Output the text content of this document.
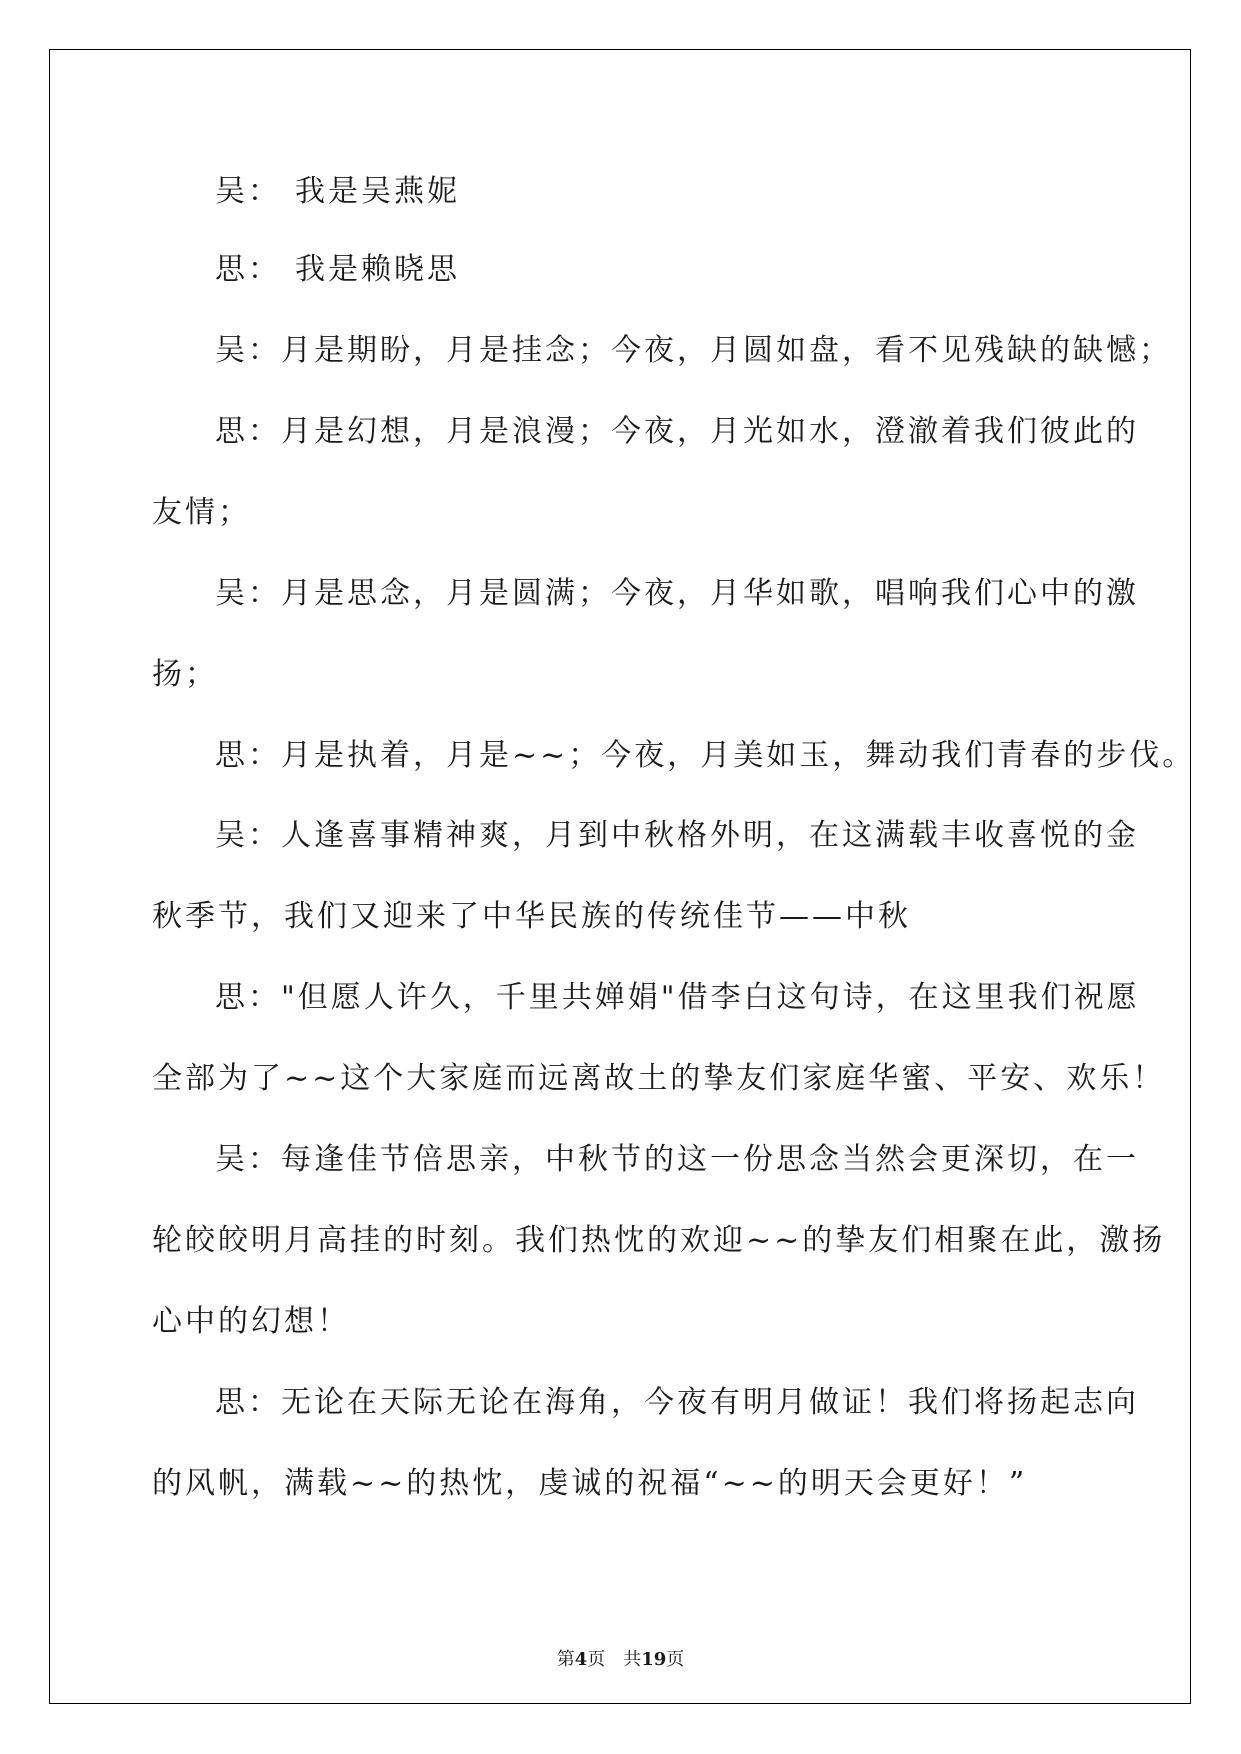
吴： 我是吴燕妮
思： 我是赖晓思
吴：月是期盼，月是挂念；今夜，月圆如盘，看不见残缺的缺憾；
思：月是幻想，月是浪漫；今夜，月光如水，澄澈着我们彼此的
友情；
吴：月是思念，月是圆满；今夜，月华如歌，唱响我们心中的激
扬；
思：月是执着，月是~~；今夜，月美如玉，舞动我们青春的步伐。
吴：人逢喜事精神爽，月到中秋格外明，在这满载丰收喜悦的金
秋季节，我们又迎来了中华民族的传统佳节——中秋
思："但愿人许久，千里共婵娟"借李白这句诗，在这里我们祝愿
全部为了~~这个大家庭而远离故土的挚友们家庭华蜜、平安、欢乐！
吴：每逢佳节倍思亲，中秋节的这一份思念当然会更深切，在一
轮皎皎明月高挂的时刻。我们热忱的欢迎~~的挚友们相聚在此，激扬
心中的幻想！
思：无论在天际无论在海角，今夜有明月做证！我们将扬起志向
的风帆，满载~~的热忱，虔诚的祝福“~~的明天会更好！”
第4页　共19页
